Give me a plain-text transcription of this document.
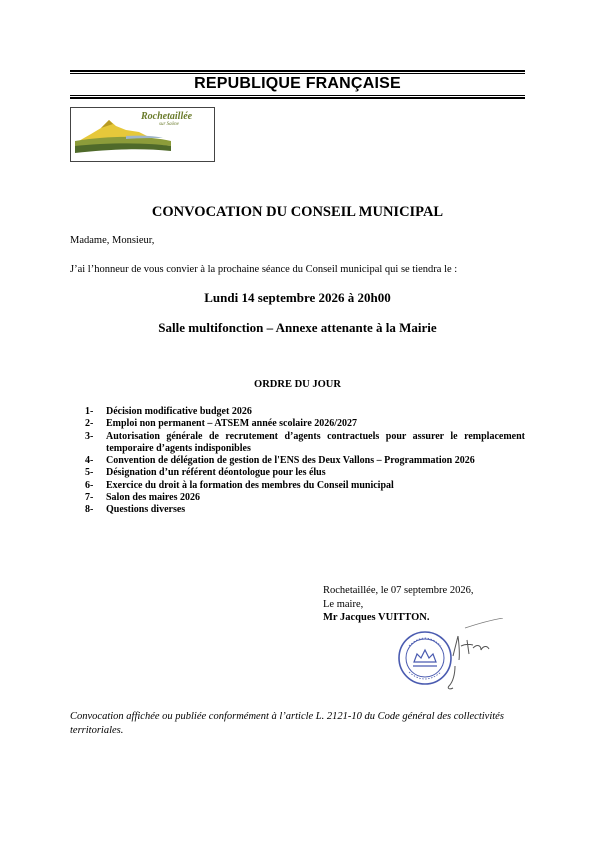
REPUBLIQUE FRANÇAISE
Rochetaillée
sur Saône
CONVOCATION DU CONSEIL MUNICIPAL
Madame, Monsieur,
J’ai l’honneur de vous convier à la prochaine séance du Conseil municipal qui se tiendra le :
Lundi 14 septembre 2026 à 20h00
Salle multifonction – Annexe attenante à la Mairie
ORDRE DU JOUR
1- Décision modificative budget 2026
2- Emploi non permanent – ATSEM année scolaire 2026/2027
3- Autorisation générale de recrutement d’agents contractuels pour assurer le remplacement temporaire d’agents indisponibles
4- Convention de délégation de gestion de l'ENS des Deux Vallons – Programmation 2026
5- Désignation d’un référent déontologue pour les élus
6- Exercice du droit à la formation des membres du Conseil municipal
7- Salon des maires 2026
8- Questions diverses
Rochetaillée, le 07 septembre 2026,
Le maire,
Mr Jacques VUITTON.
Convocation affichée ou publiée conformément à l’article L. 2121-10 du Code général des collectivités territoriales.
